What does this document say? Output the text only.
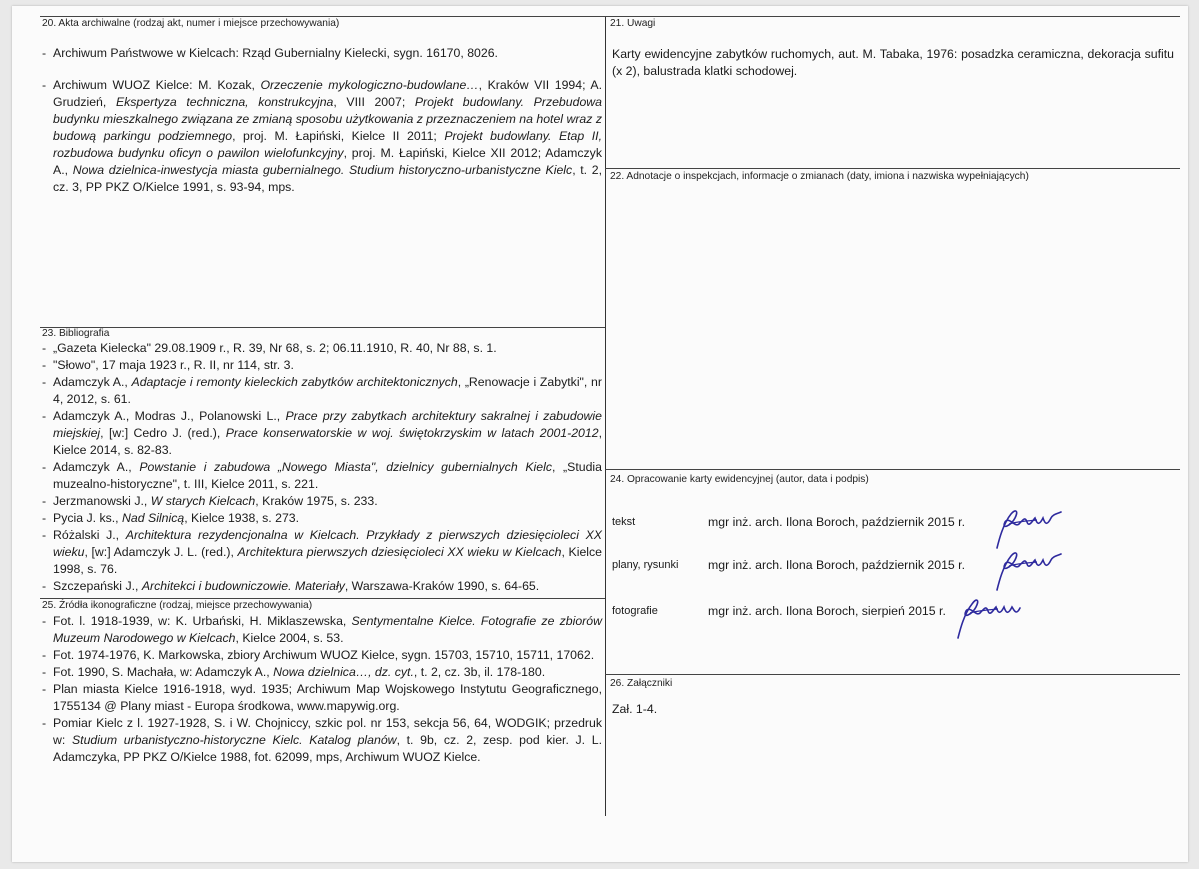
20. Akta archiwalne (rodzaj akt, numer i miejsce przechowywania)
- Archiwum Państwowe w Kielcach: Rząd Gubernialny Kielecki, sygn. 16170, 8026.
- Archiwum WUOZ Kielce: M. Kozak, Orzeczenie mykologiczno-budowlane…, Kraków VII 1994; A. Grudzień, Ekspertyza techniczna, konstrukcyjna, VIII 2007; Projekt budowlany. Przebudowa budynku mieszkalnego związana ze zmianą sposobu użytkowania z przeznaczeniem na hotel wraz z budową parkingu podziemnego, proj. M. Łapiński, Kielce II 2011; Projekt budowlany. Etap II, rozbudowa budynku oficyn o pawilon wielofunkcyjny, proj. M. Łapiński, Kielce XII 2012; Adamczyk A., Nowa dzielnica-inwestycja miasta gubernialnego. Studium historyczno-urbanistyczne Kielc, t. 2, cz. 3, PP PKZ O/Kielce 1991, s. 93-94, mps.
21. Uwagi
Karty ewidencyjne zabytków ruchomych, aut. M. Tabaka, 1976: posadzka ceramiczna, dekoracja sufitu (x 2), balustrada klatki schodowej.
22. Adnotacje o inspekcjach, informacje o zmianach (daty, imiona i nazwiska wypełniających)
23. Bibliografia
- „Gazeta Kielecka" 29.08.1909 r., R. 39, Nr 68, s. 2; 06.11.1910, R. 40, Nr 88, s. 1.
- "Słowo", 17 maja 1923 r., R. II, nr 114, str. 3.
- Adamczyk A., Adaptacje i remonty kieleckich zabytków architektonicznych, „Renowacje i Zabytki", nr 4, 2012, s. 61.
- Adamczyk A., Modras J., Polanowski L., Prace przy zabytkach architektury sakralnej i zabudowie miejskiej, [w:] Cedro J. (red.), Prace konserwatorskie w woj. świętokrzyskim w latach 2001-2012, Kielce 2014, s. 82-83.
- Adamczyk A., Powstanie i zabudowa „Nowego Miasta", dzielnicy gubernialnych Kielc, „Studia muzealno-historyczne", t. III, Kielce 2011, s. 221.
- Jerzmanowski J., W starych Kielcach, Kraków 1975, s. 233.
- Pycia J. ks., Nad Silnicą, Kielce 1938, s. 273.
- Różalski J., Architektura rezydencjonalna w Kielcach. Przykłady z pierwszych dziesięcioleci XX wieku, [w:] Adamczyk J. L. (red.), Architektura pierwszych dziesięcioleci XX wieku w Kielcach, Kielce 1998, s. 76.
- Szczepański J., Architekci i budowniczowie. Materiały, Warszawa-Kraków 1990, s. 64-65.
24. Opracowanie karty ewidencyjnej (autor, data i podpis)
tekst	mgr inż. arch. Ilona Boroch, październik 2015 r.
plany, rysunki mgr inż. arch. Ilona Boroch, październik 2015 r.
fotografie	mgr inż. arch. Ilona Boroch, sierpień 2015 r.
25. Źródła ikonograficzne (rodzaj, miejsce przechowywania)
- Fot. l. 1918-1939, w: K. Urbański, H. Miklaszewska, Sentymentalne Kielce. Fotografie ze zbiorów Muzeum Narodowego w Kielcach, Kielce 2004, s. 53.
- Fot. 1974-1976, K. Markowska, zbiory Archiwum WUOZ Kielce, sygn. 15703, 15710, 15711, 17062.
- Fot. 1990, S. Machała, w: Adamczyk A., Nowa dzielnica…, dz. cyt., t. 2, cz. 3b, il. 178-180.
- Plan miasta Kielce 1916-1918, wyd. 1935; Archiwum Map Wojskowego Instytutu Geograficznego, 1755134 @ Plany miast - Europa środkowa, www.mapywig.org.
- Pomiar Kielc z l. 1927-1928, S. i W. Chojniccy, szkic pol. nr 153, sekcja 56, 64, WODGIK; przedruk w: Studium urbanistyczno-historyczne Kielc. Katalog planów, t. 9b, cz. 2, zesp. pod kier. J. L. Adamczyka, PP PKZ O/Kielce 1988, fot. 62099, mps, Archiwum WUOZ Kielce.
26. Załączniki
Zał. 1-4.
